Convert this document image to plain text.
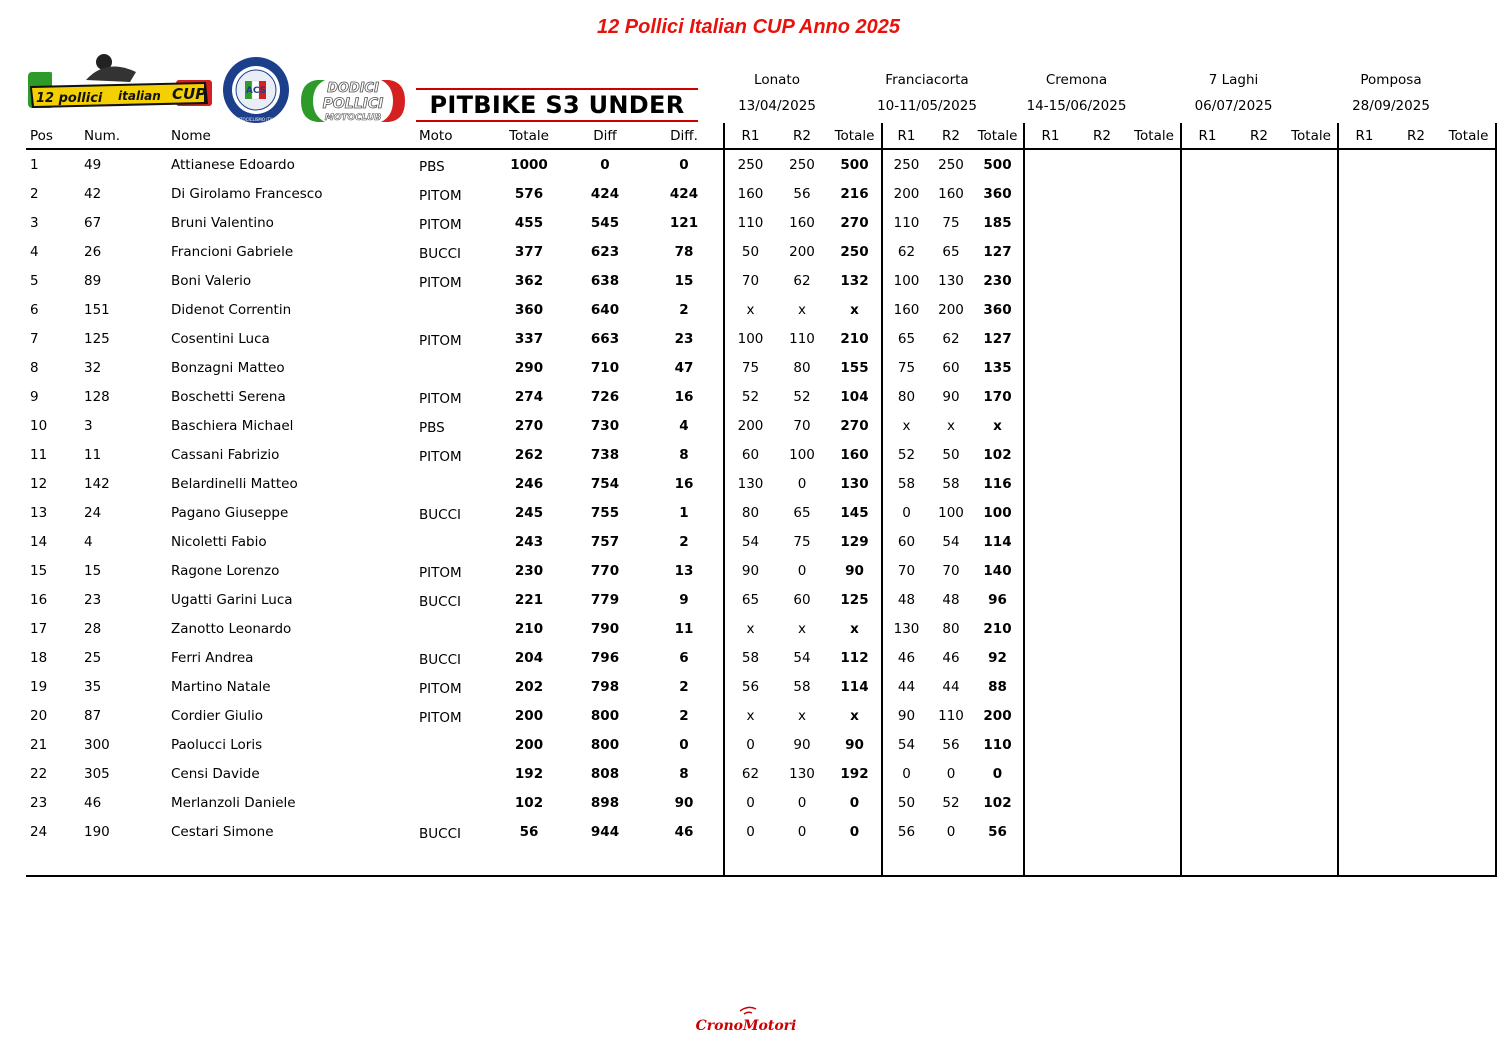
12 Pollici Italian CUP Anno 2025
12 pollici italian CUP	ACS
MOTOCICLISMO ITALIA
DODICI
POLLICI
MOTOCLUB	PITBIKE S3 UNDER
Lonato
13/04/2025
Franciacorta
10-11/05/2025
Cremona
14-15/06/2025
7 Laghi
06/07/2025
Pomposa
28/09/2025
Pos	Num.	Nome	Moto	Totale	Diff	Diff.	R1	R2	Totale	R1	R2	Totale	R1	R2	Totale	R1	R2	Totale	R1	R2	Totale
1	49	Attianese Edoardo	PBS	1000	0	0	250	250	500	250	250	500									
2	42	Di Girolamo Francesco	PITOM	576	424	424	160	56	216	200	160	360									
3	67	Bruni Valentino	PITOM	455	545	121	110	160	270	110	75	185									
4	26	Francioni Gabriele	BUCCI	377	623	78	50	200	250	62	65	127									
5	89	Boni Valerio	PITOM	362	638	15	70	62	132	100	130	230									
6	151	Didenot Correntin		360	640	2	x	x	x	160	200	360									
7	125	Cosentini Luca	PITOM	337	663	23	100	110	210	65	62	127									
8	32	Bonzagni Matteo		290	710	47	75	80	155	75	60	135									
9	128	Boschetti Serena	PITOM	274	726	16	52	52	104	80	90	170									
10	3	Baschiera Michael	PBS	270	730	4	200	70	270	x	x	x									
11	11	Cassani Fabrizio	PITOM	262	738	8	60	100	160	52	50	102									
12	142	Belardinelli Matteo		246	754	16	130	0	130	58	58	116									
13	24	Pagano Giuseppe	BUCCI	245	755	1	80	65	145	0	100	100									
14	4	Nicoletti Fabio		243	757	2	54	75	129	60	54	114									
15	15	Ragone Lorenzo	PITOM	230	770	13	90	0	90	70	70	140									
16	23	Ugatti Garini Luca	BUCCI	221	779	9	65	60	125	48	48	96									
17	28	Zanotto Leonardo		210	790	11	x	x	x	130	80	210									
18	25	Ferri Andrea	BUCCI	204	796	6	58	54	112	46	46	92									
19	35	Martino Natale	PITOM	202	798	2	56	58	114	44	44	88									
20	87	Cordier Giulio	PITOM	200	800	2	x	x	x	90	110	200									
21	300	Paolucci Loris		200	800	0	0	90	90	54	56	110									
22	305	Censi Davide		192	808	8	62	130	192	0	0	0									
23	46	Merlanzoli Daniele		102	898	90	0	0	0	50	52	102									
24	190	Cestari Simone	BUCCI	56	944	46	0	0	0	56	0	56									

CronoMotori
